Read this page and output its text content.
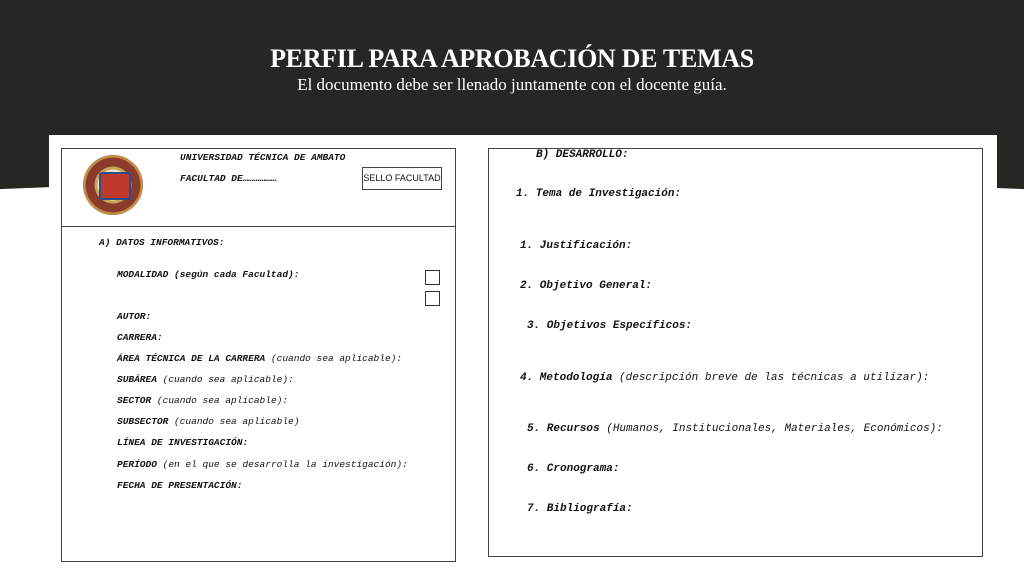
PERFIL PARA APROBACIÓN DE TEMAS
El documento debe ser llenado juntamente con el docente guía.
UNIVERSIDAD TÉCNICA DE AMBATO
FACULTAD DE………………	SELLO FACULTAD
A) DATOS INFORMATIVOS:
MODALIDAD (según cada Facultad):
AUTOR:
CARRERA:
ÁREA TÉCNICA DE LA CARRERA (cuando sea aplicable):
SUBÁREA (cuando sea aplicable):
SECTOR (cuando sea aplicable):
SUBSECTOR (cuando sea aplicable)
LÍNEA DE INVESTIGACIÓN:
PERÍODO (en el que se desarrolla la investigación):
FECHA DE PRESENTACIÓN:
B) DESARROLLO:
1. Tema de Investigación:
1. Justificación:
2. Objetivo General:
3. Objetivos Específicos:
4. Metodología (descripción breve de las técnicas a utilizar):
5. Recursos (Humanos, Institucionales, Materiales, Económicos):
6. Cronograma:
7. Bibliografía:
